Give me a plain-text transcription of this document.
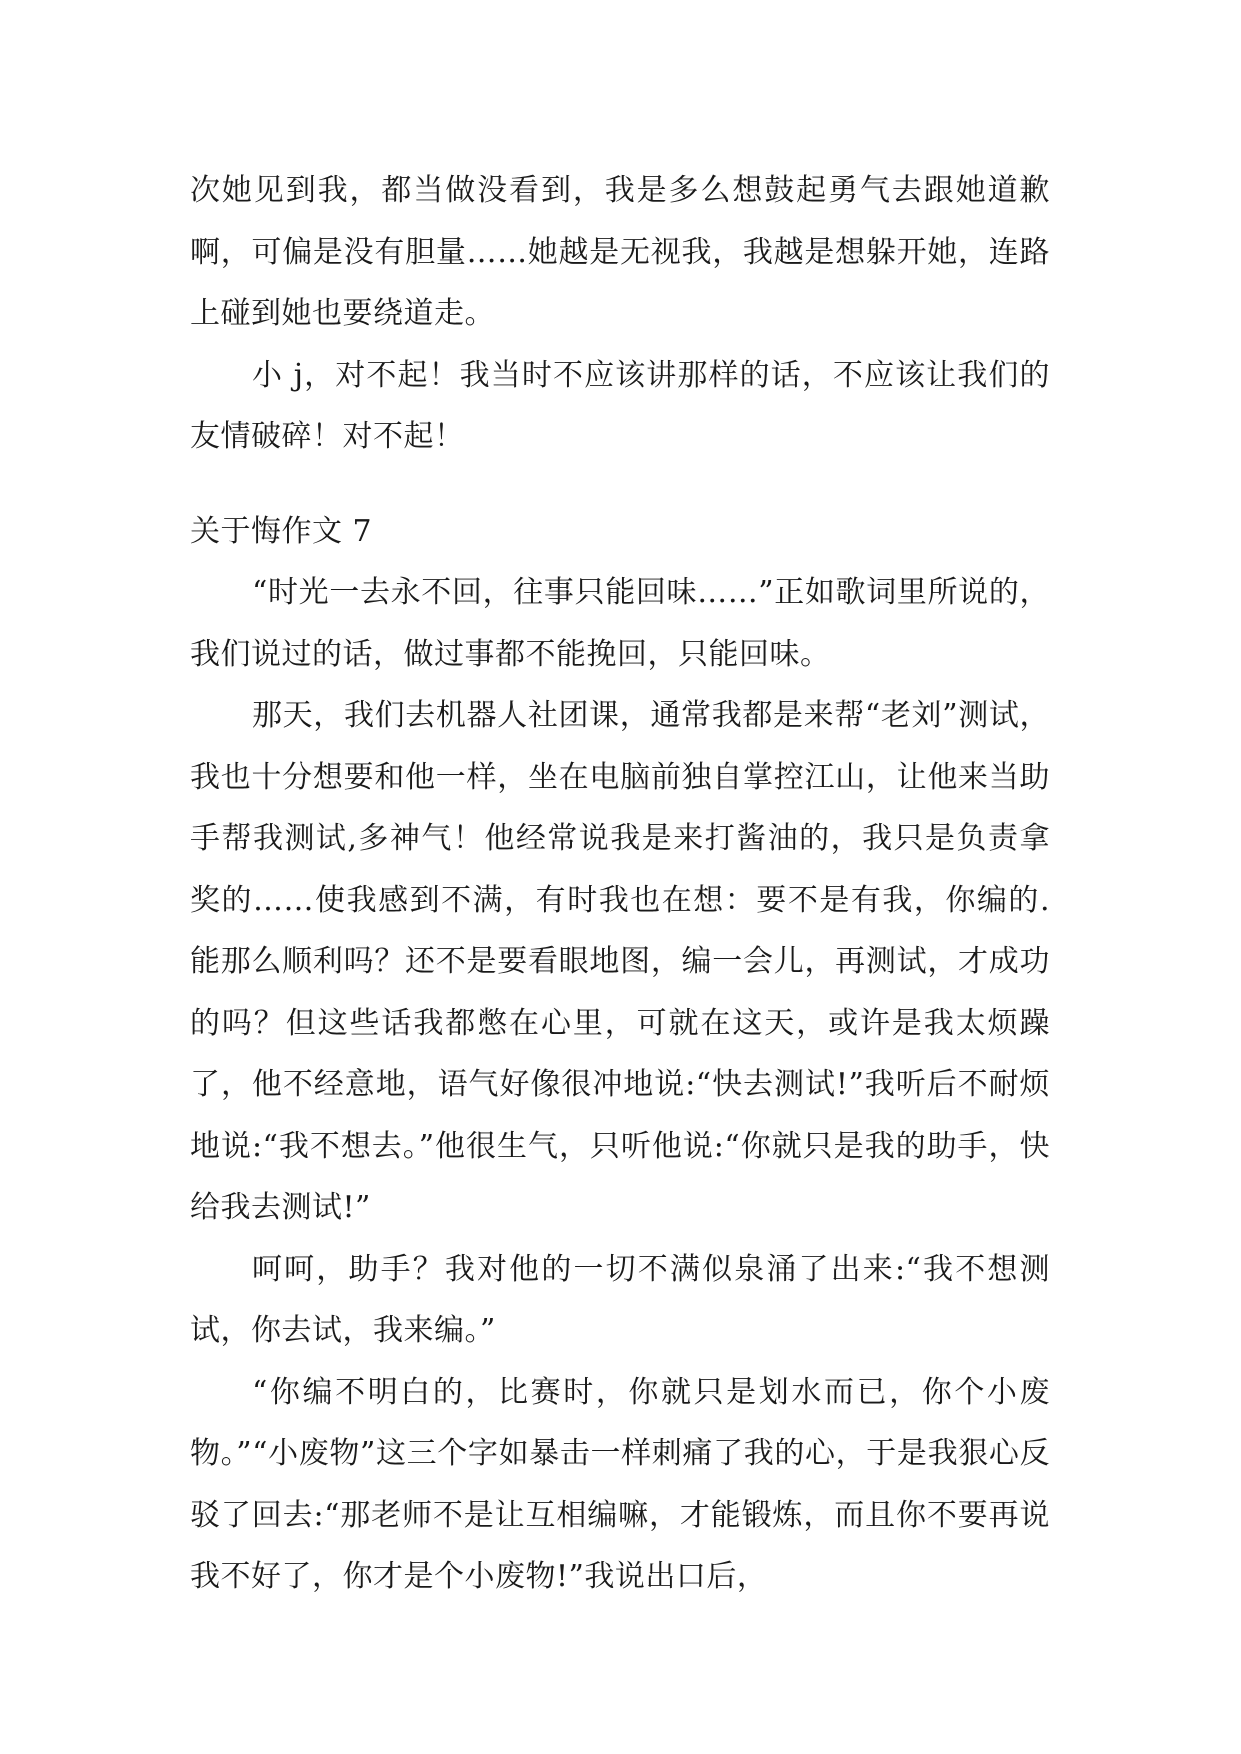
次她见到我，都当做没看到，我是多么想鼓起勇气去跟她道歉啊，可偏是没有胆量……她越是无视我，我越是想躲开她，连路上碰到她也要绕道走。

小 j，对不起！我当时不应该讲那样的话，不应该让我们的友情破碎！对不起！

关于悔作文 7

“时光一去永不回，往事只能回味……”正如歌词里所说的，我们说过的话，做过事都不能挽回，只能回味。

那天，我们去机器人社团课，通常我都是来帮“老刘”测试，我也十分想要和他一样，坐在电脑前独自掌控江山，让他来当助手帮我测试,多神气！他经常说我是来打酱油的，我只是负责拿奖的……使我感到不满，有时我也在想：要不是有我，你编的.能那么顺利吗？还不是要看眼地图，编一会儿，再测试，才成功的吗？但这些话我都憋在心里，可就在这天，或许是我太烦躁了，他不经意地，语气好像很冲地说:“快去测试!”我听后不耐烦地说:“我不想去。”他很生气，只听他说:“你就只是我的助手，快给我去测试!”

呵呵，助手？我对他的一切不满似泉涌了出来:“我不想测试，你去试，我来编。”

“你编不明白的，比赛时，你就只是划水而已，你个小废物。”“小废物”这三个字如暴击一样刺痛了我的心，于是我狠心反驳了回去:“那老师不是让互相编嘛，才能锻炼，而且你不要再说我不好了，你才是个小废物!”我说出口后，
